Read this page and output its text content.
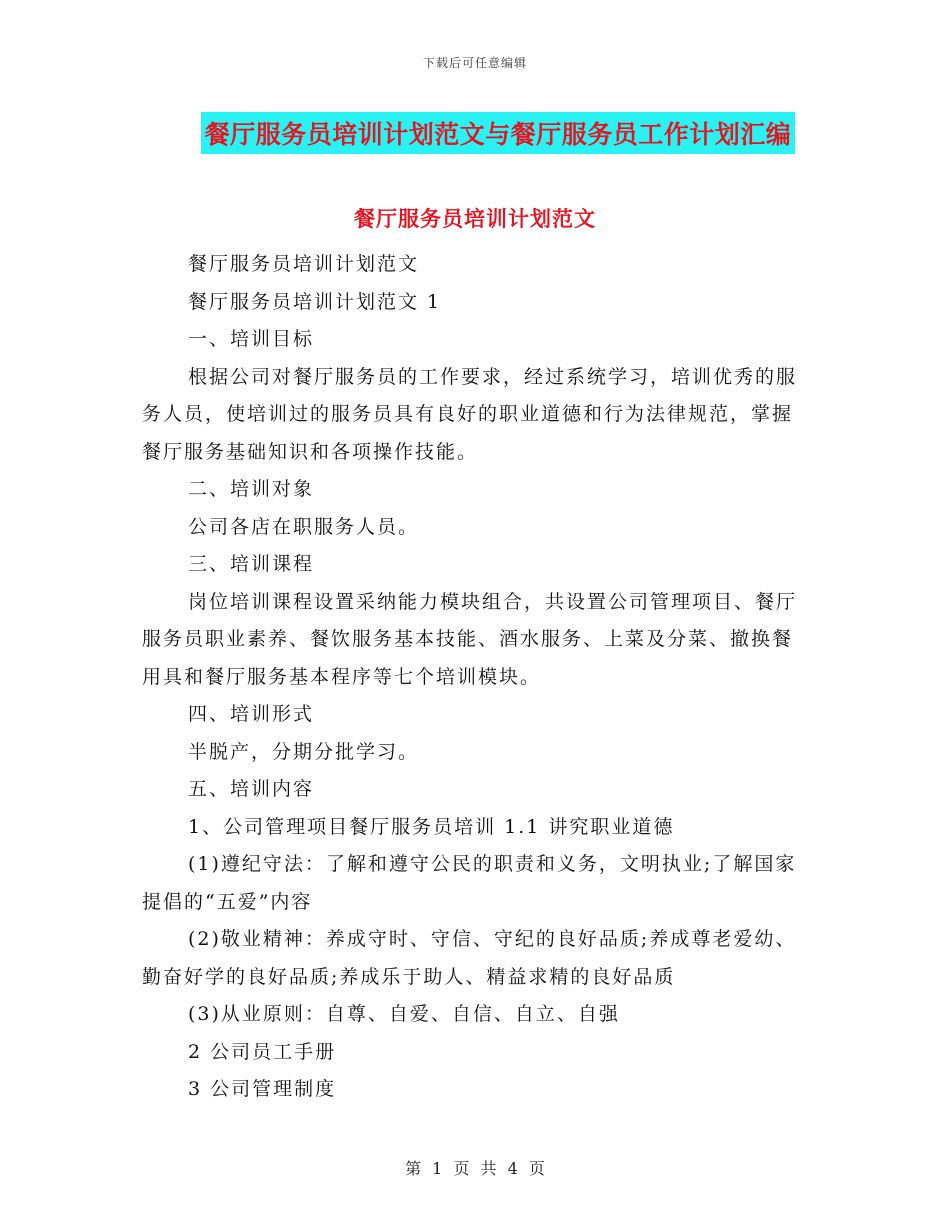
下载后可任意编辑
餐厅服务员培训计划范文与餐厅服务员工作计划汇编
餐厅服务员培训计划范文

餐厅服务员培训计划范文

餐厅服务员培训计划范文 1

一、培训目标

根据公司对餐厅服务员的工作要求，经过系统学习，培训优秀的服务人员，使培训过的服务员具有良好的职业道德和行为法律规范，掌握餐厅服务基础知识和各项操作技能。

二、培训对象

公司各店在职服务人员。

三、培训课程

岗位培训课程设置采纳能力模块组合，共设置公司管理项目、餐厅服务员职业素养、餐饮服务基本技能、酒水服务、上菜及分菜、撤换餐用具和餐厅服务基本程序等七个培训模块。

四、培训形式

半脱产，分期分批学习。

五、培训内容

1、公司管理项目餐厅服务员培训 1.1 讲究职业道德

(1)遵纪守法：了解和遵守公民的职责和义务，文明执业;了解国家提倡的“五爱”内容

(2)敬业精神：养成守时、守信、守纪的良好品质;养成尊老爱幼、勤奋好学的良好品质;养成乐于助人、精益求精的良好品质

(3)从业原则：自尊、自爱、自信、自立、自强

2 公司员工手册

3 公司管理制度

第 1 页 共 4 页
